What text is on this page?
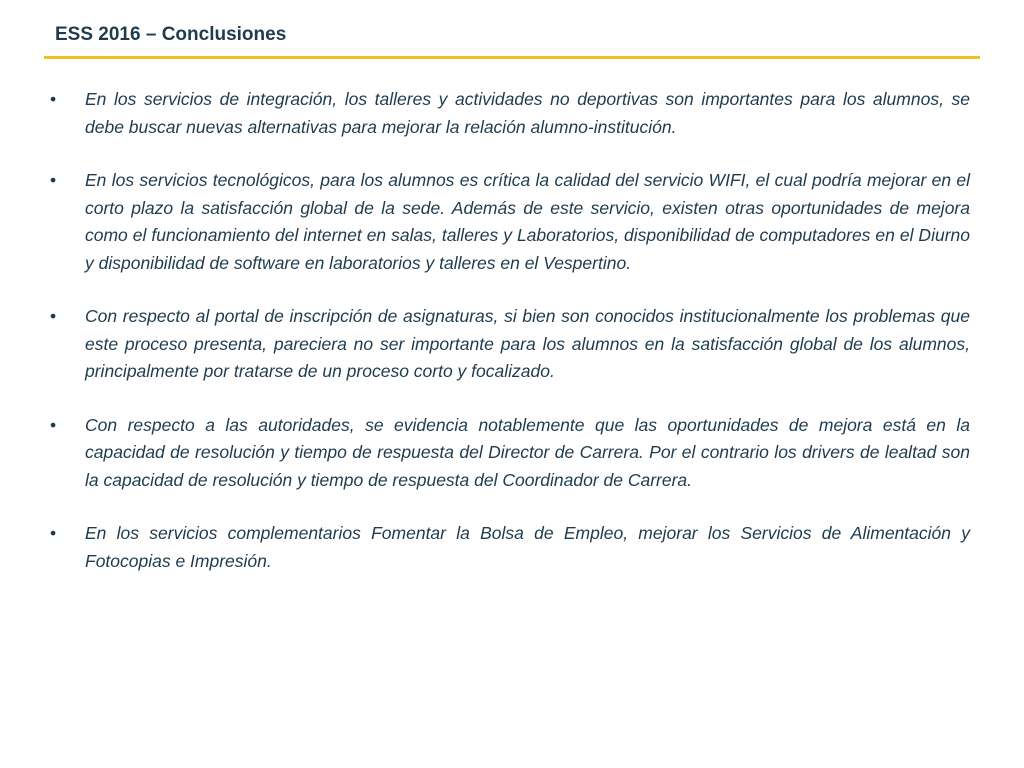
ESS 2016 – Conclusiones
• En los servicios de integración, los talleres y actividades no deportivas son importantes para los alumnos, se debe buscar nuevas alternativas para mejorar la relación alumno-institución.
• En los servicios tecnológicos, para los alumnos es crítica la calidad del servicio WIFI, el cual podría mejorar en el corto plazo la satisfacción global de la sede. Además de este servicio, existen otras oportunidades de mejora como el funcionamiento del internet en salas, talleres y Laboratorios, disponibilidad de computadores en el Diurno y disponibilidad de software en laboratorios y talleres en el Vespertino.
• Con respecto al portal de inscripción de asignaturas, si bien son conocidos institucionalmente los problemas que este proceso presenta, pareciera no ser importante para los alumnos en la satisfacción global de los alumnos, principalmente por tratarse de un proceso corto y focalizado.
• Con respecto a las autoridades, se evidencia notablemente que las oportunidades de mejora está en la capacidad de resolución y tiempo de respuesta del Director de Carrera. Por el contrario los drivers de lealtad son la capacidad de resolución y tiempo de respuesta del Coordinador de Carrera.
• En los servicios complementarios Fomentar la Bolsa de Empleo, mejorar los Servicios de Alimentación y Fotocopias e Impresión.
